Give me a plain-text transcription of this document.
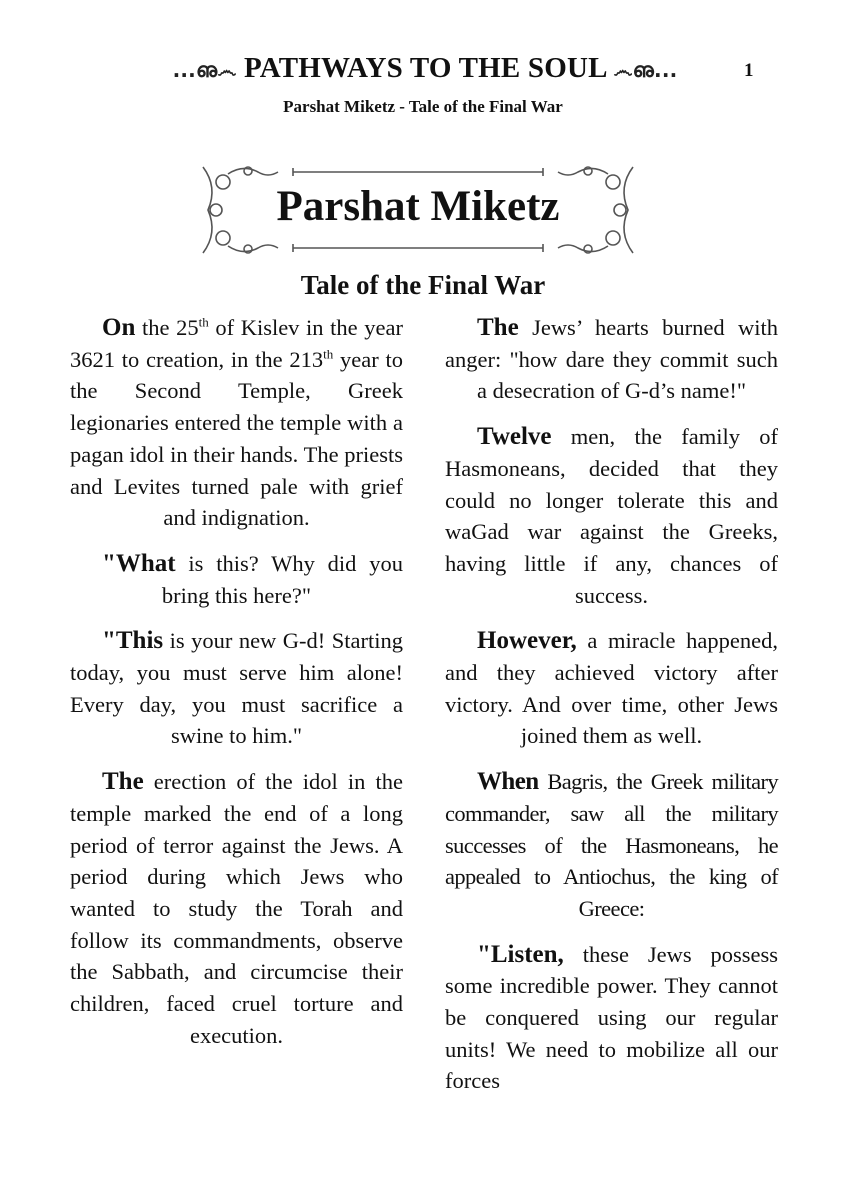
...ഌ෴ PATHWAYS TO THE SOUL ෴ഌ...	1
Parshat Miketz - Tale of the Final War
Parshat Miketz
Tale of the Final War

On the 25th of Kislev in the year 3621 to creation, in the 213th year to the Second Temple, Greek legionaries entered the temple with a pagan idol in their hands. The priests and Levites turned pale with grief and indignation.

"What is this? Why did you bring this here?"

"This is your new G-d! Starting today, you must serve him alone! Every day, you must sacrifice a swine to him."

The erection of the idol in the temple marked the end of a long period of terror against the Jews. A period during which Jews who wanted to study the Torah and follow its commandments, observe the Sabbath, and circumcise their children, faced cruel torture and execution.

The Jews’ hearts burned with anger: "how dare they commit such a desecration of G-d’s name!"

Twelve men, the family of Hasmoneans, decided that they could no longer tolerate this and waGad war against the Greeks, having little if any, chances of success.

However, a miracle happened, and they achieved victory after victory. And over time, other Jews joined them as well.

When Bagris, the Greek military commander, saw all the military successes of the Hasmoneans, he appealed to Antiochus, the king of Greece:

"Listen, these Jews possess some incredible power. They cannot be conquered using our regular units! We need to mobilize all our forces
